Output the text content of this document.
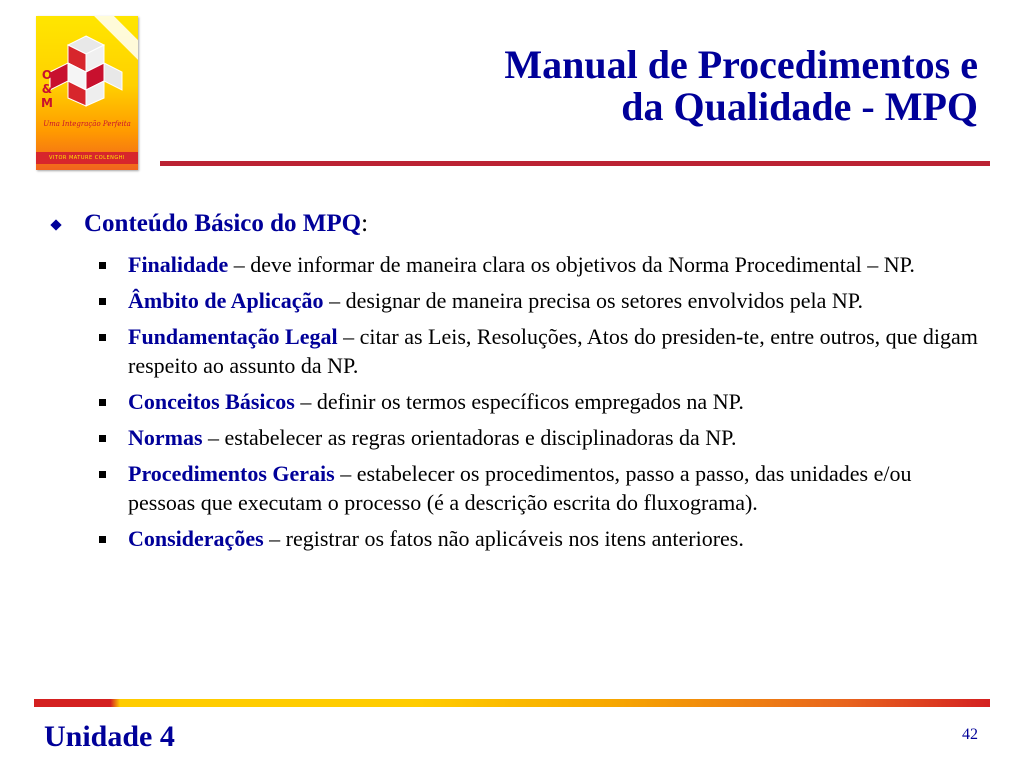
O
&
M
Uma Integração Perfeita
VITOR MATURE COLENGHI
Manual de Procedimentos e
da Qualidade - MPQ
Conteúdo Básico do MPQ:
Finalidade – deve informar de maneira clara os objetivos da Norma Procedimental – NP.
Âmbito de Aplicação – designar de maneira precisa os setores envolvidos pela NP.
Fundamentação Legal – citar as Leis, Resoluções, Atos do presiden-te, entre outros, que digam respeito ao assunto da NP.
Conceitos Básicos – definir os termos específicos empregados na NP.
Normas – estabelecer as regras orientadoras e disciplinadoras da NP.
Procedimentos Gerais – estabelecer os procedimentos, passo a passo, das unidades e/ou pessoas que executam o processo (é a descrição escrita do fluxograma).
Considerações – registrar os fatos não aplicáveis nos itens anteriores.
Unidade 4	42
